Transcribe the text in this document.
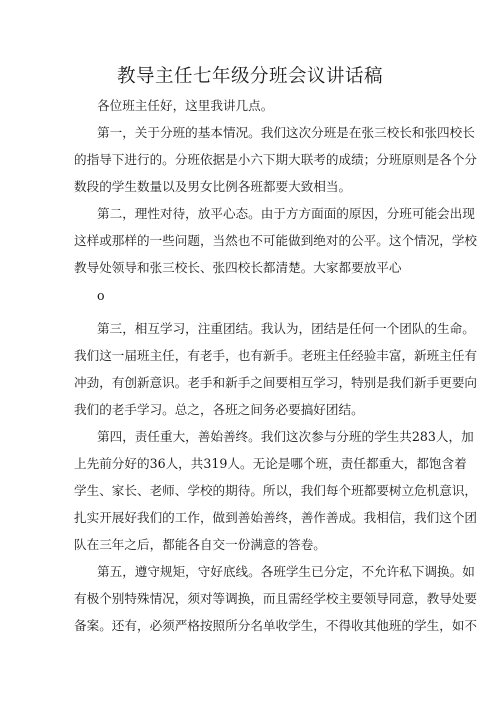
教导主任七年级分班会议讲话稿
各位班主任好，这里我讲几点。
第一，关于分班的基本情况。我们这次分班是在张三校长和张四校长
的指导下进行的。分班依据是小六下期大联考的成绩；分班原则是各个分
数段的学生数量以及男女比例各班都要大致相当。
第二，理性对待，放平心态。由于方方面面的原因，分班可能会出现
这样或那样的一些问题，当然也不可能做到绝对的公平。这个情况，学校
教导处领导和张三校长、张四校长都清楚。大家都要放平心
o
第三，相互学习，注重团结。我认为，团结是任何一个团队的生命。
我们这一届班主任，有老手，也有新手。老班主任经验丰富，新班主任有
冲劲，有创新意识。老手和新手之间要相互学习，特别是我们新手更要向
我们的老手学习。总之，各班之间务必要搞好团结。
第四，责任重大，善始善终。我们这次参与分班的学生共283人，加
上先前分好的36人，共319人。无论是哪个班，责任都重大，都饱含着
学生、家长、老师、学校的期待。所以，我们每个班都要树立危机意识，
扎实开展好我们的工作，做到善始善终，善作善成。我相信，我们这个团
队在三年之后，都能各自交一份满意的答卷。
第五，遵守规矩，守好底线。各班学生已分定，不允许私下调换。如
有极个别特殊情况，须对等调换，而且需经学校主要领导同意，教导处要
备案。还有，必须严格按照所分名单收学生，不得收其他班的学生，如不
